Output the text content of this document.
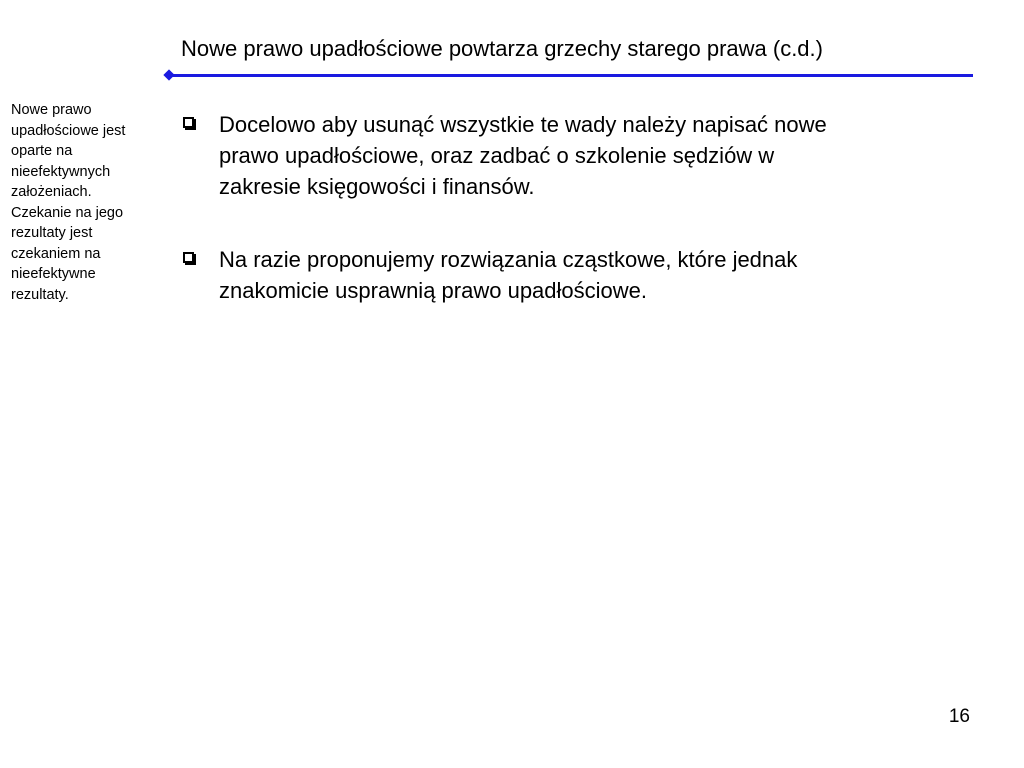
Nowe prawo upadłościowe powtarza grzechy starego prawa (c.d.)
Nowe prawo
upadłościowe jest
oparte na
nieefektywnych
założeniach.
Czekanie na jego
rezultaty jest
czekaniem na
nieefektywne
rezultaty.
Docelowo aby usunąć wszystkie te wady należy napisać nowe
prawo upadłościowe, oraz zadbać o szkolenie sędziów w
zakresie księgowości i finansów.
Na razie proponujemy rozwiązania cząstkowe, które jednak
znakomicie usprawnią prawo upadłościowe.
16
